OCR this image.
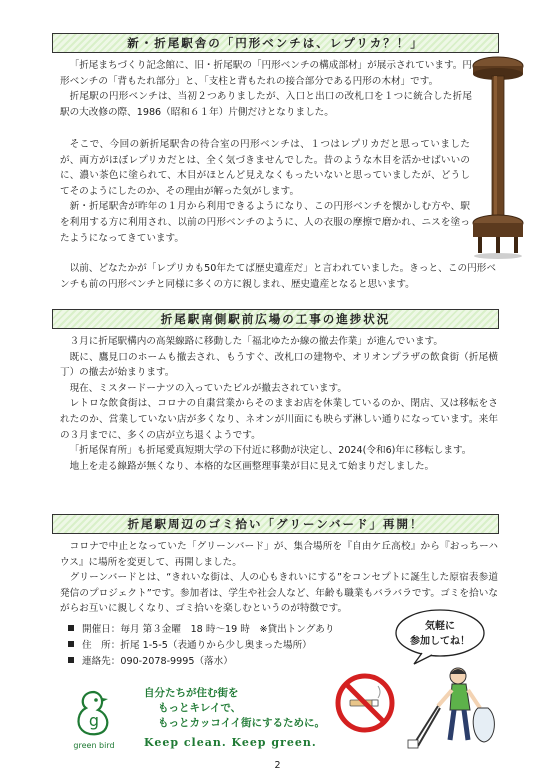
新・折尾駅舎の「円形ベンチは、レプリカ？！」

「折尾まちづくり記念館に、旧・折尾駅の「円形ベンチの構成部材」が展示されています。円形ベンチの「背もたれ部分」と、「支柱と背もたれの接合部分である円形の木材」です。

折尾駅の円形ベンチは、当初２つありましたが、入口と出口の改札口を１つに統合した折尾駅の大改修の際、1986（昭和６１年）片側だけとなりました。

そこで、今回の新折尾駅舎の待合室の円形ベンチは、１つはレプリカだと思っていましたが、両方がほぼレプリカだとは、全く気づきませんでした。昔のような木目を活かせばいいのに、濃い茶色に塗られて、木目がほとんど見えなくもったいないと思っていましたが、どうしてそのようにしたのか、その理由が解った気がします。

新・折尾駅舎が昨年の１月から利用できるようになり、この円形ベンチを懐かしむ方や、駅を利用する方に利用され、以前の円形ベンチのように、人の衣服の摩擦で磨かれ、ニスを塗ったようになってきています。

以前、どなたかが「レプリカも50年たてば歴史遺産だ」と言われていました。きっと、この円形ベンチも前の円形ベンチと同様に多くの方に親しまれ、歴史遺産となると思います。

折尾駅南側駅前広場の工事の進捗状況

３月に折尾駅構内の高架線路に移動した「福北ゆたか線の撤去作業」が進んでいます。

既に、鷹見口のホームも撤去され、もうすぐ、改札口の建物や、オリオンプラザの飲食街（折尾横丁）の撤去が始まります。

現在、ミスタードーナツの入っていたビルが撤去されています。

レトロな飲食街は、コロナの自粛営業からそのままお店を休業しているのか、閉店、又は移転をされたのか、営業していない店が多くなり、ネオンが川面にも映らず淋しい通りになっています。来年の３月までに、多くの店が立ち退くようです。

「折尾保育所」も折尾愛真短期大学の下付近に移動が決定し、2024(令和6)年に移転します。

地上を走る線路が無くなり、本格的な区画整理事業が目に見えて始まりだしました。

折尾駅周辺のゴミ拾い「グリーンバード」再開！

コロナで中止となっていた「グリーンバード」が、集合場所を『自由ケ丘高校』から『おっちーハウス』に場所を変更して、再開しました。

グリーンバードとは、“きれいな街は、人の心もきれいにする”をコンセプトに誕生した原宿表参道発信のプロジェクト”です。参加者は、学生や社会人など、年齢も職業もバラバラです。ゴミを拾いながらお互いに親しくなり、ゴミ拾いを楽しむというのが特徴です。

開催日：毎月 第３金曜　18 時〜19 時　※貸出トングあり
住　所：折尾 1-5-5（表通りから少し奥まった場所）
連絡先：090-2078-9995（落水）
気軽に
参加してね！
g
green bird
自分たちが住む街を
もっとキレイで、
もっとカッコイイ街にするために。
Keep clean. Keep green.
2
